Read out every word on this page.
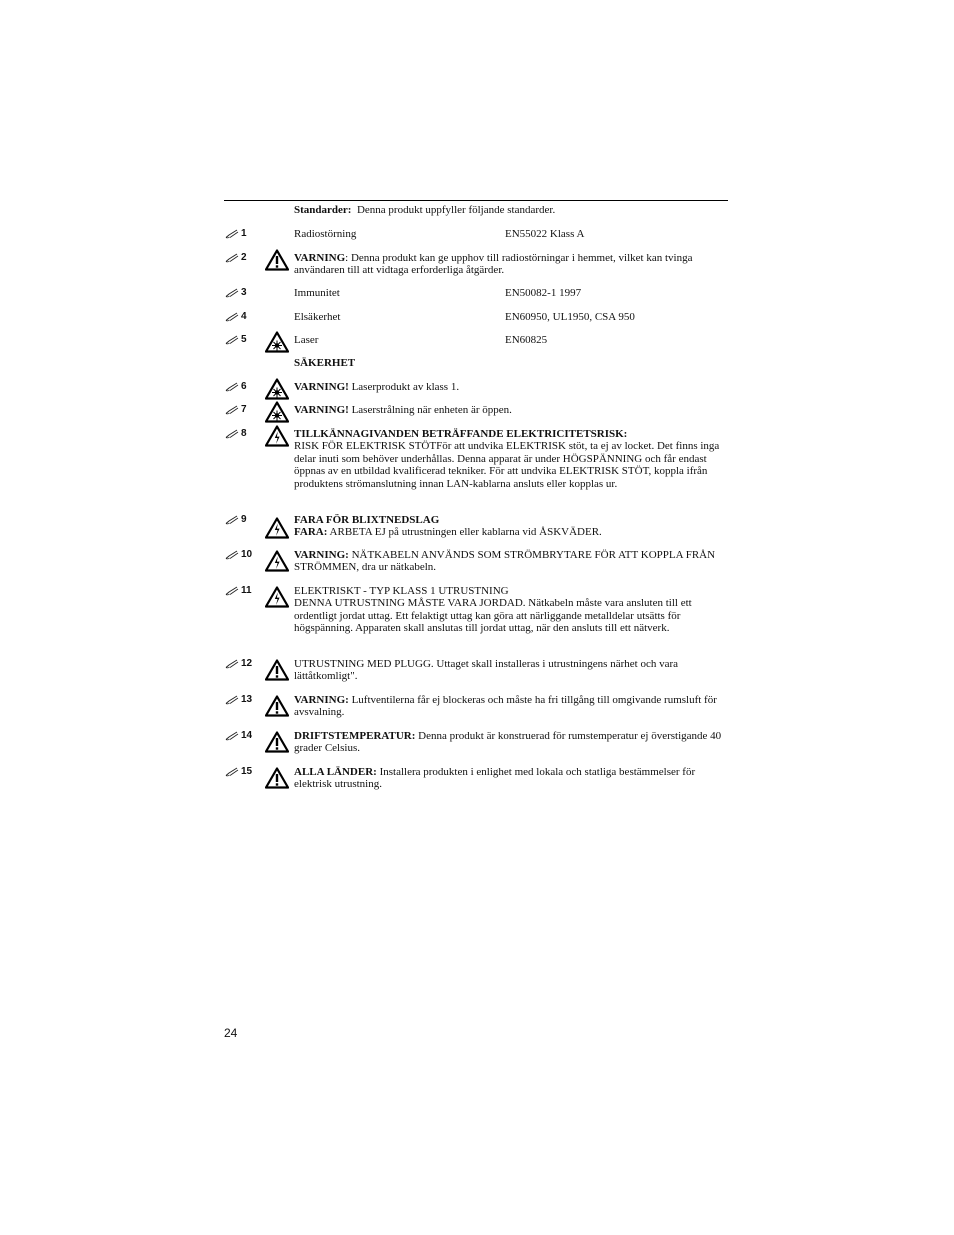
Standarder: Denna produkt uppfyller följande standarder.
1	Radiostörning	EN55022 Klass A
2	VARNING: Denna produkt kan ge upphov till radiostörningar i hemmet, vilket kan tvinga användaren till att vidtaga erforderliga åtgärder.
3	Immunitet	EN50082-1 1997
4	Elsäkerhet	EN60950, UL1950, CSA 950
5	Laser	EN60825
SÄKERHET
6	VARNING! Laserprodukt av klass 1.
7	VARNING! Laserstrålning när enheten är öppen.
8	TILLKÄNNAGIVANDEN BETRÄFFANDE ELEKTRICITETSRISK:
RISK FÖR ELEKTRISK STÖTFör att undvika ELEKTRISK stöt, ta ej av locket. Det finns inga delar inuti som behöver underhållas. Denna apparat är under HÖGSPÄNNING och får endast öppnas av en utbildad kvalificerad tekniker. För att undvika ELEKTRISK STÖT, koppla ifrån produktens strömanslutning innan LAN-kablarna ansluts eller kopplas ur.
9	FARA FÖR BLIXTNEDSLAG
FARA: ARBETA EJ på utrustningen eller kablarna vid ÅSKVÄDER.
10	VARNING: NÄTKABELN ANVÄNDS SOM STRÖMBRYTARE FÖR ATT KOPPLA FRÅN STRÖMMEN, dra ur nätkabeln.
11	ELEKTRISKT - TYP KLASS 1 UTRUSTNING
DENNA UTRUSTNING MÅSTE VARA JORDAD. Nätkabeln måste vara ansluten till ett ordentligt jordat uttag. Ett felaktigt uttag kan göra att närliggande metalldelar utsätts för högspänning. Apparaten skall anslutas till jordat uttag, när den ansluts till ett nätverk.
12	UTRUSTNING MED PLUGG. Uttaget skall installeras i utrustningens närhet och vara lättåtkomligt".
13	VARNING: Luftventilerna får ej blockeras och måste ha fri tillgång till omgivande rumsluft för avsvalning.
14	DRIFTSTEMPERATUR: Denna produkt är konstruerad för rumstemperatur ej överstigande 40 grader Celsius.
15	ALLA LÄNDER: Installera produkten i enlighet med lokala och statliga bestämmelser för elektrisk utrustning.
24
